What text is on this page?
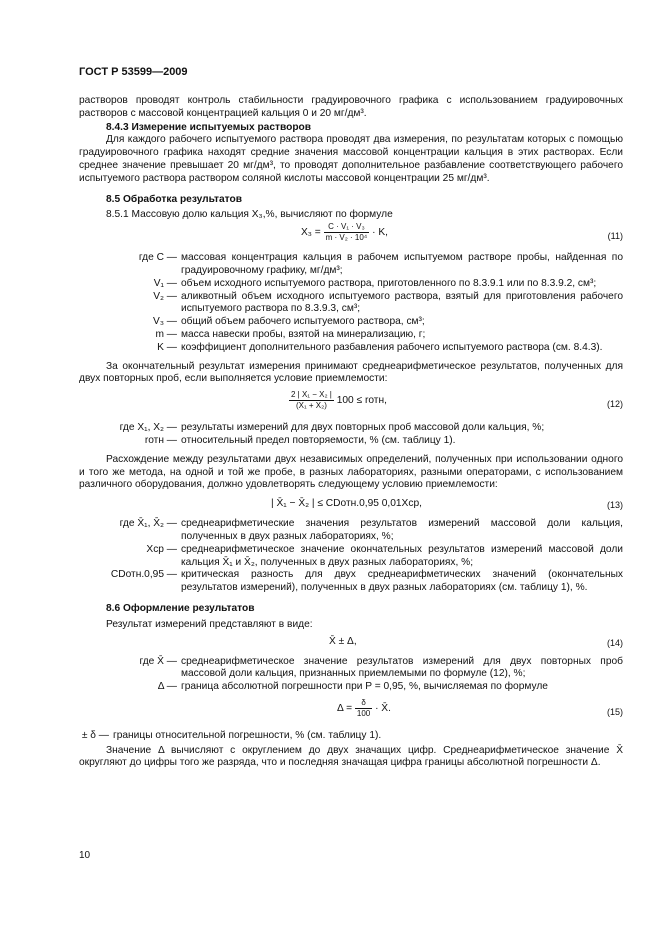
ГОСТ Р 53599—2009

растворов проводят контроль стабильности градуировочного графика с использованием градуировочных растворов с массовой концентрацией кальция 0 и 20 мг/дм³.

8.4.3 Измерение испытуемых растворов

Для каждого рабочего испытуемого раствора проводят два измерения, по результатам которых с помощью градуировочного графика находят средние значения массовой концентрации кальция в этих растворах. Если среднее значение превышает 20 мг/дм³, то проводят дополнительное разбавление соответствующего рабочего испытуемого раствора раствором соляной кислоты массовой концентрации 25 мг/дм³.

8.5 Обработка результатов

8.5.1 Массовую долю кальция X₃,%, вычисляют по формуле

$X_3 = \frac{\text{C · V₁ · V₃}}{\text{m · V₂ · 10⁴}} \cdot K$,	(11)
где C — массовая концентрация кальция в рабочем испытуемом растворе пробы, найденная по градуировочному графику, мг/дм³;
V₁ — объем исходного испытуемого раствора, приготовленного по 8.3.9.1 или по 8.3.9.2, см³;
V₂ — аликвотный объем исходного испытуемого раствора, взятый для приготовления рабочего испытуемого раствора по 8.3.9.3, см³;
V₃ — общий объем рабочего испытуемого раствора, см³;
m — масса навески пробы, взятой на минерализацию, г;
K — коэффициент дополнительного разбавления рабочего испытуемого раствора (см. 8.4.3).

За окончательный результат измерения принимают среднеарифметическое результатов, полученных для двух повторных проб, если выполняется условие приемлемости:

$\frac{\text{2 | X₁ − X₂ |}}{\text{(X₁ + X₂)}} 100$ ≤ rотн,	(12)
где X₁, X₂ — результаты измерений для двух повторных проб массовой доли кальция, %;
rотн — относительный предел повторяемости, % (см. таблицу 1).

Расхождение между результатами двух независимых определений, полученных при использовании одного и того же метода, на одной и той же пробе, в разных лабораториях, разными операторами, с использованием различного оборудования, должно удовлетворять следующему условию приемлемости:

| X̄₁ − X̄₂ | ≤ CDотн.0,95 0,01Xср,	(13)
где X̄₁, X̄₂ — среднеарифметические значения результатов измерений массовой доли кальция, полученных в двух разных лабораториях, %;
Xср — среднеарифметическое значение окончательных результатов измерений массовой доли кальция X̄₁ и X̄₂, полученных в двух разных лабораториях, %;
CDотн.0,95 — критическая разность для двух среднеарифметических значений (окончательных результатов измерений), полученных в двух разных лабораториях (см. таблицу 1), %.

8.6 Оформление результатов

Результат измерений представляют в виде:

X̄ ± Δ,	(14)
где X̄ — среднеарифметическое значение результатов измерений для двух повторных проб массовой доли кальция, признанных приемлемыми по формуле (12), %;
Δ — граница абсолютной погрешности при P = 0,95, %, вычисляемая по формуле
$\Delta = \frac{\delta}{100}$ · X̄.	(15)
± δ — границы относительной погрешности, % (см. таблицу 1).

Значение Δ вычисляют с округлением до двух значащих цифр. Среднеарифметическое значение X̄ округляют до цифры того же разряда, что и последняя значащая цифра границы абсолютной погрешности Δ.

10
